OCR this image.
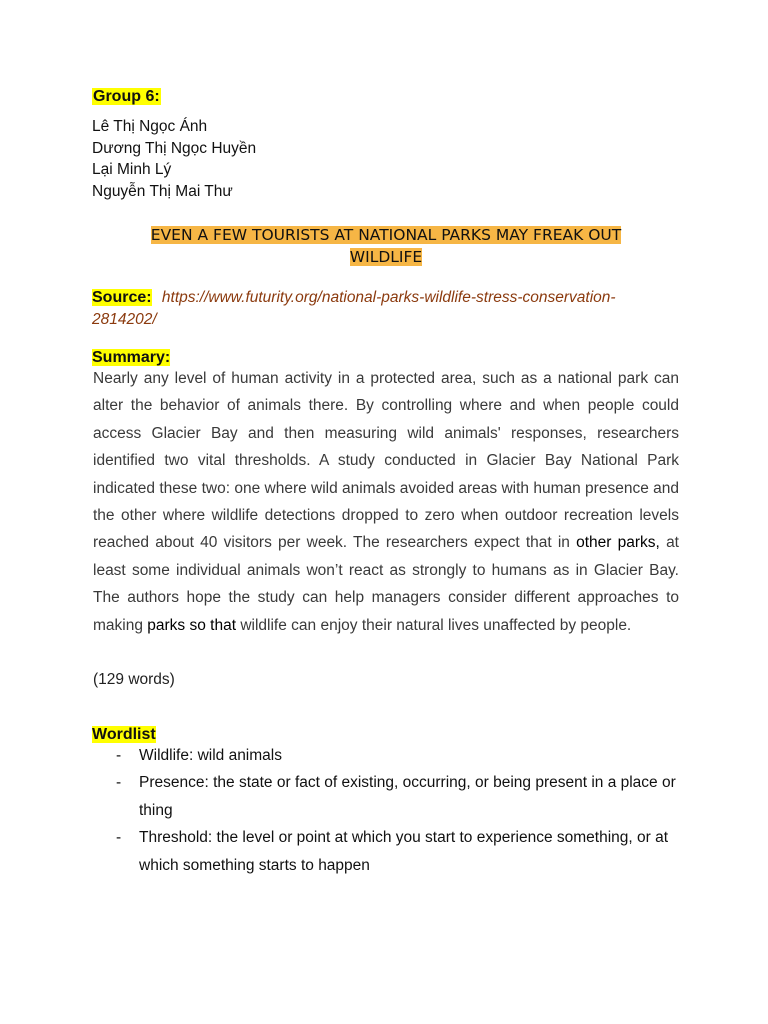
Group 6:
Lê Thị Ngọc Ánh
Dương Thị Ngọc Huyền
Lại Minh Lý
Nguyễn Thị Mai Thư
EVEN A FEW TOURISTS AT NATIONAL PARKS MAY FREAK OUT
WILDLIFE
Source: https://www.futurity.org/national-parks-wildlife-stress-conservation-2814202/
Summary:

Nearly any level of human activity in a protected area, such as a national park can alter the behavior of animals there. By controlling where and when people could access Glacier Bay and then measuring wild animals' responses, researchers identified two vital thresholds. A study conducted in Glacier Bay National Park indicated these two: one where wild animals avoided areas with human presence and the other where wildlife detections dropped to zero when outdoor recreation levels reached about 40 visitors per week. The researchers expect that in other parks, at least some individual animals won’t react as strongly to humans as in Glacier Bay. The authors hope the study can help managers consider different approaches to making parks so that wildlife can enjoy their natural lives unaffected by people.

(129 words)
Wordlist
- Wildlife: wild animals
- Presence: the state or fact of existing, occurring, or being present in a place or thing
- Threshold: the level or point at which you start to experience something, or at which something starts to happen
